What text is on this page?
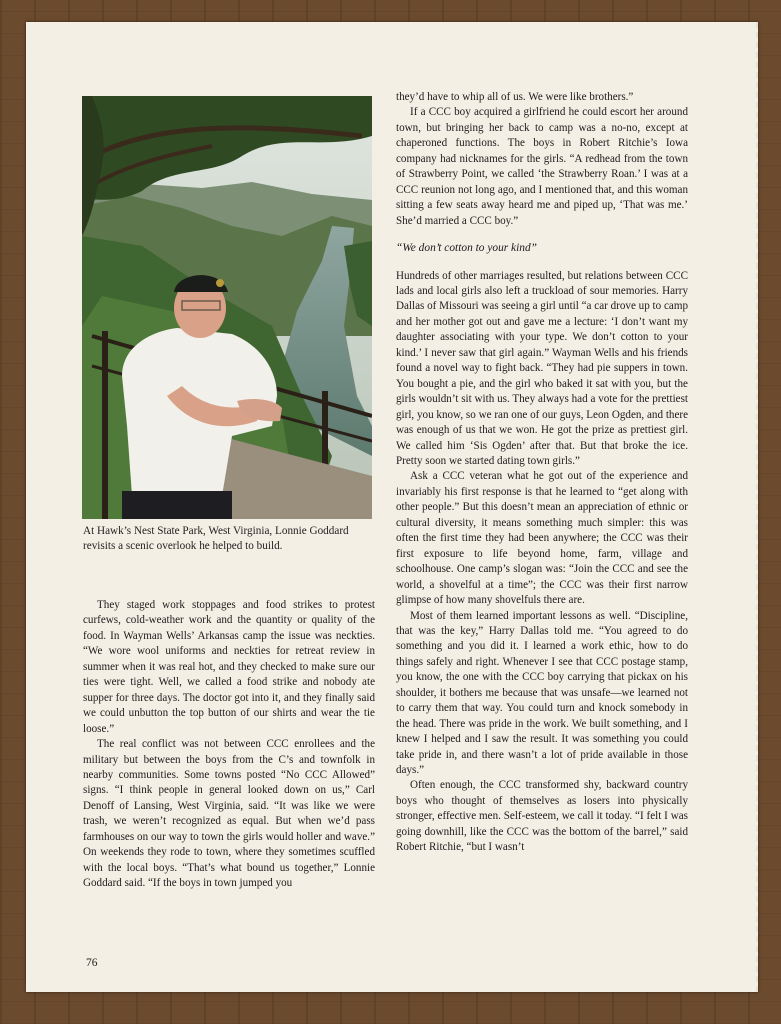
At Hawk’s Nest State Park, West Virginia, Lonnie Goddard revisits a scenic overlook he helped to build.

They staged work stoppages and food strikes to protest curfews, cold-weather work and the quantity or quality of the food. In Wayman Wells’ Arkansas camp the issue was neckties. “We wore wool uniforms and neckties for retreat review in summer when it was real hot, and they checked to make sure our ties were tight. Well, we called a food strike and nobody ate supper for three days. The doctor got into it, and they finally said we could unbutton the top button of our shirts and wear the tie loose.”

The real conflict was not between CCC enrollees and the military but between the boys from the C’s and townfolk in nearby communities. Some towns posted “No CCC Allowed” signs. “I think people in general looked down on us,” Carl Denoff of Lansing, West Virginia, said. “It was like we were trash, we weren’t recognized as equal. But when we’d pass farmhouses on our way to town the girls would holler and wave.” On weekends they rode to town, where they sometimes scuffled with the local boys. “That’s what bound us together,” Lonnie Goddard said. “If the boys in town jumped you

they’d have to whip all of us. We were like brothers.”

If a CCC boy acquired a girlfriend he could escort her around town, but bringing her back to camp was a no-no, except at chaperoned functions. The boys in Robert Ritchie’s Iowa company had nicknames for the girls. “A redhead from the town of Strawberry Point, we called ‘the Strawberry Roan.’ I was at a CCC reunion not long ago, and I mentioned that, and this woman sitting a few seats away heard me and piped up, ‘That was me.’ She’d married a CCC boy.”

“We don’t cotton to your kind”

Hundreds of other marriages resulted, but relations between CCC lads and local girls also left a truckload of sour memories. Harry Dallas of Missouri was seeing a girl until “a car drove up to camp and her mother got out and gave me a lecture: ‘I don’t want my daughter associating with your type. We don’t cotton to your kind.’ I never saw that girl again.” Wayman Wells and his friends found a novel way to fight back. “They had pie suppers in town. You bought a pie, and the girl who baked it sat with you, but the girls wouldn’t sit with us. They always had a vote for the prettiest girl, you know, so we ran one of our guys, Leon Ogden, and there was enough of us that we won. He got the prize as prettiest girl. We called him ‘Sis Ogden’ after that. But that broke the ice. Pretty soon we started dating town girls.”

Ask a CCC veteran what he got out of the experience and invariably his first response is that he learned to “get along with other people.” But this doesn’t mean an appreciation of ethnic or cultural diversity, it means something much simpler: this was often the first time they had been anywhere; the CCC was their first exposure to life beyond home, farm, village and schoolhouse. One camp’s slogan was: “Join the CCC and see the world, a shovelful at a time”; the CCC was their first narrow glimpse of how many shovelfuls there are.

Most of them learned important lessons as well. “Discipline, that was the key,” Harry Dallas told me. “You agreed to do something and you did it. I learned a work ethic, how to do things safely and right. Whenever I see that CCC postage stamp, you know, the one with the CCC boy carrying that pickax on his shoulder, it bothers me because that was unsafe—we learned not to carry them that way. You could turn and knock somebody in the head. There was pride in the work. We built something, and I knew I helped and I saw the result. It was something you could take pride in, and there wasn’t a lot of pride available in those days.”

Often enough, the CCC transformed shy, backward country boys who thought of themselves as losers into physically stronger, effective men. Self-esteem, we call it today. “I felt I was going downhill, like the CCC was the bottom of the barrel,” said Robert Ritchie, “but I wasn’t

76
